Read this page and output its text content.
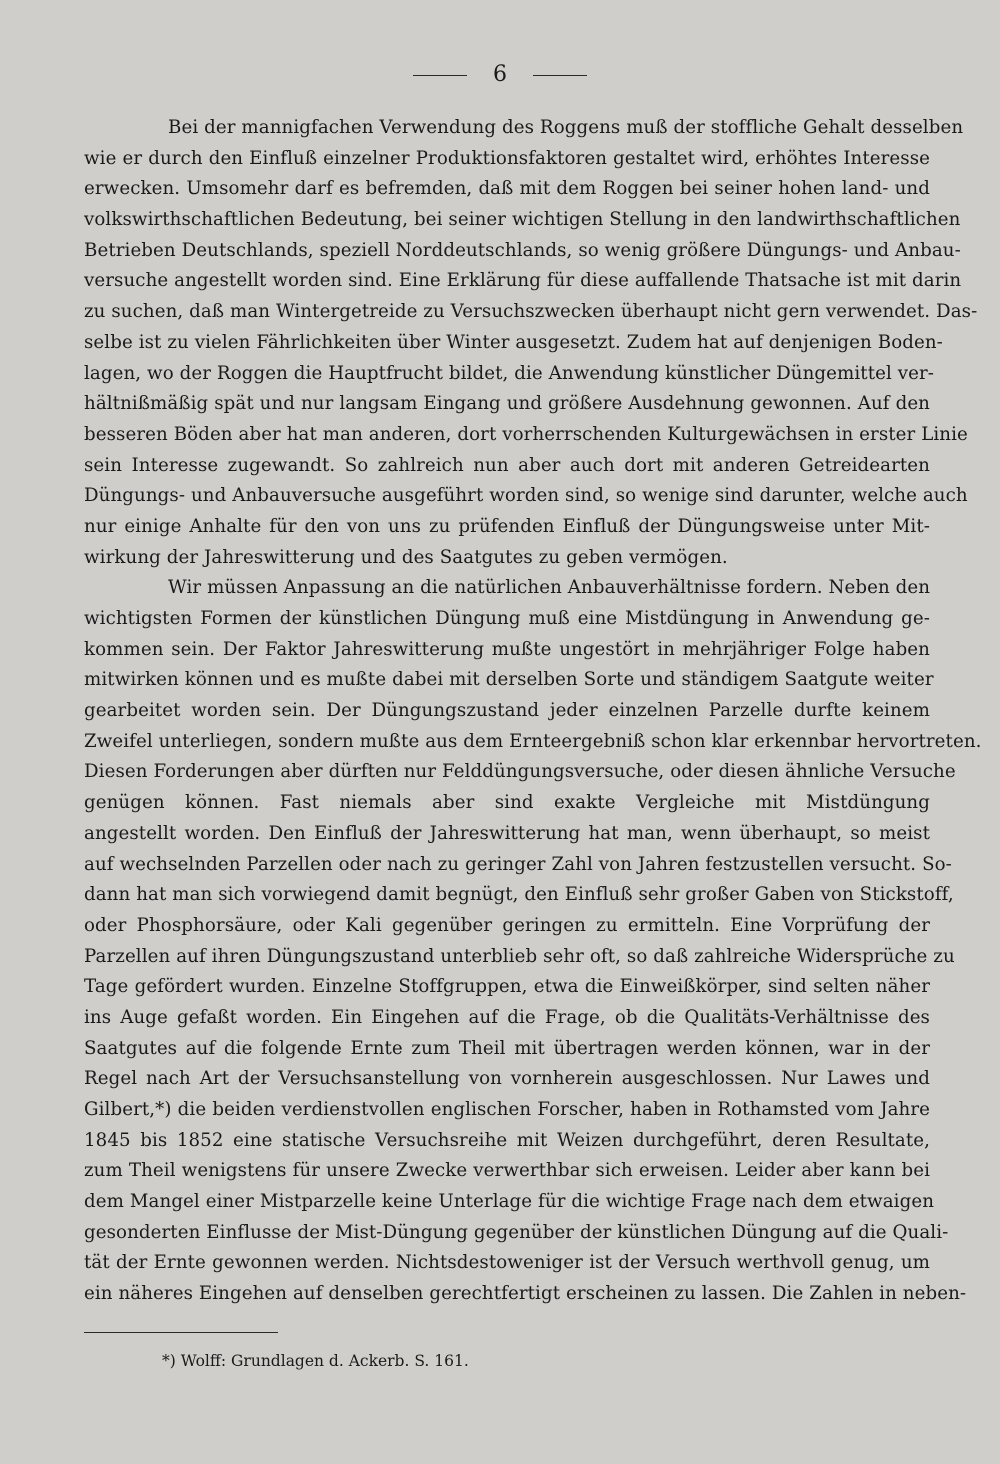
6
Bei der mannigfachen Verwendung des Roggens muß der stoffliche Gehalt desselben
wie er durch den Einfluß einzelner Produktionsfaktoren gestaltet wird, erhöhtes Interesse
erwecken. Umsomehr darf es befremden, daß mit dem Roggen bei seiner hohen land- und
volkswirthschaftlichen Bedeutung, bei seiner wichtigen Stellung in den landwirthschaftlichen
Betrieben Deutschlands, speziell Norddeutschlands, so wenig größere Düngungs- und Anbau-
versuche angestellt worden sind. Eine Erklärung für diese auffallende Thatsache ist mit darin
zu suchen, daß man Wintergetreide zu Versuchszwecken überhaupt nicht gern verwendet. Das-
selbe ist zu vielen Fährlichkeiten über Winter ausgesetzt. Zudem hat auf denjenigen Boden-
lagen, wo der Roggen die Hauptfrucht bildet, die Anwendung künstlicher Düngemittel ver-
hältnißmäßig spät und nur langsam Eingang und größere Ausdehnung gewonnen. Auf den
besseren Böden aber hat man anderen, dort vorherrschenden Kulturgewächsen in erster Linie
sein Interesse zugewandt. So zahlreich nun aber auch dort mit anderen Getreidearten
Düngungs- und Anbauversuche ausgeführt worden sind, so wenige sind darunter, welche auch
nur einige Anhalte für den von uns zu prüfenden Einfluß der Düngungsweise unter Mit-
wirkung der Jahreswitterung und des Saatgutes zu geben vermögen.
Wir müssen Anpassung an die natürlichen Anbauverhältnisse fordern. Neben den
wichtigsten Formen der künstlichen Düngung muß eine Mistdüngung in Anwendung ge-
kommen sein. Der Faktor Jahreswitterung mußte ungestört in mehrjähriger Folge haben
mitwirken können und es mußte dabei mit derselben Sorte und ständigem Saatgute weiter
gearbeitet worden sein. Der Düngungszustand jeder einzelnen Parzelle durfte keinem
Zweifel unterliegen, sondern mußte aus dem Ernteergebniß schon klar erkennbar hervortreten.
Diesen Forderungen aber dürften nur Felddüngungsversuche, oder diesen ähnliche Versuche
genügen können. Fast niemals aber sind exakte Vergleiche mit Mistdüngung
angestellt worden. Den Einfluß der Jahreswitterung hat man, wenn überhaupt, so meist
auf wechselnden Parzellen oder nach zu geringer Zahl von Jahren festzustellen versucht. So-
dann hat man sich vorwiegend damit begnügt, den Einfluß sehr großer Gaben von Stickstoff,
oder Phosphorsäure, oder Kali gegenüber geringen zu ermitteln. Eine Vorprüfung der
Parzellen auf ihren Düngungszustand unterblieb sehr oft, so daß zahlreiche Widersprüche zu
Tage gefördert wurden. Einzelne Stoffgruppen, etwa die Einweißkörper, sind selten näher
ins Auge gefaßt worden. Ein Eingehen auf die Frage, ob die Qualitäts-Verhältnisse des
Saatgutes auf die folgende Ernte zum Theil mit übertragen werden können, war in der
Regel nach Art der Versuchsanstellung von vornherein ausgeschlossen. Nur Lawes und
Gilbert,*) die beiden verdienstvollen englischen Forscher, haben in Rothamsted vom Jahre
1845 bis 1852 eine statische Versuchsreihe mit Weizen durchgeführt, deren Resultate,
zum Theil wenigstens für unsere Zwecke verwerthbar sich erweisen. Leider aber kann bei
dem Mangel einer Mistparzelle keine Unterlage für die wichtige Frage nach dem etwaigen
gesonderten Einflusse der Mist-Düngung gegenüber der künstlichen Düngung auf die Quali-
tät der Ernte gewonnen werden. Nichtsdestoweniger ist der Versuch werthvoll genug, um
ein näheres Eingehen auf denselben gerechtfertigt erscheinen zu lassen. Die Zahlen in neben-
*) Wolff: Grundlagen d. Ackerb. S. 161.
